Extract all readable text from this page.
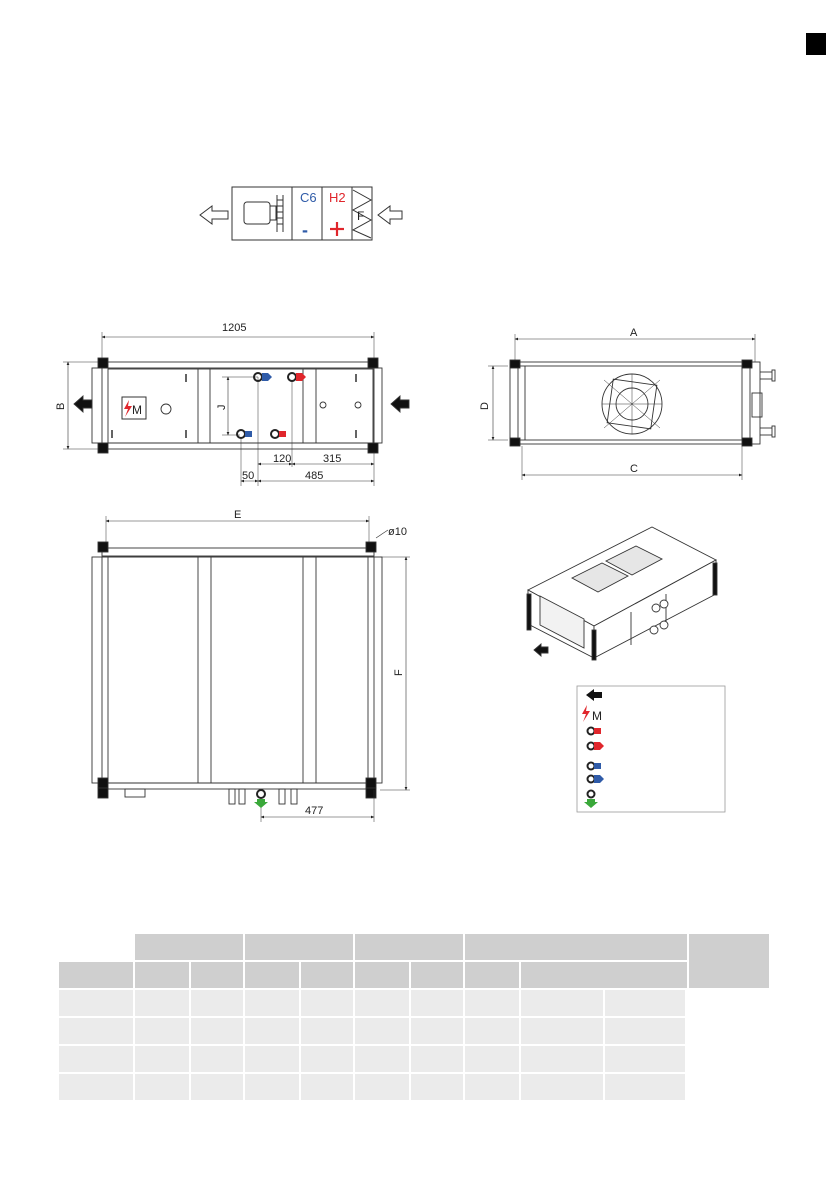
C6 H2
F
-
M
1205
B	J
120	315
50	485
A
C
D
E
ø10
F
477
M
